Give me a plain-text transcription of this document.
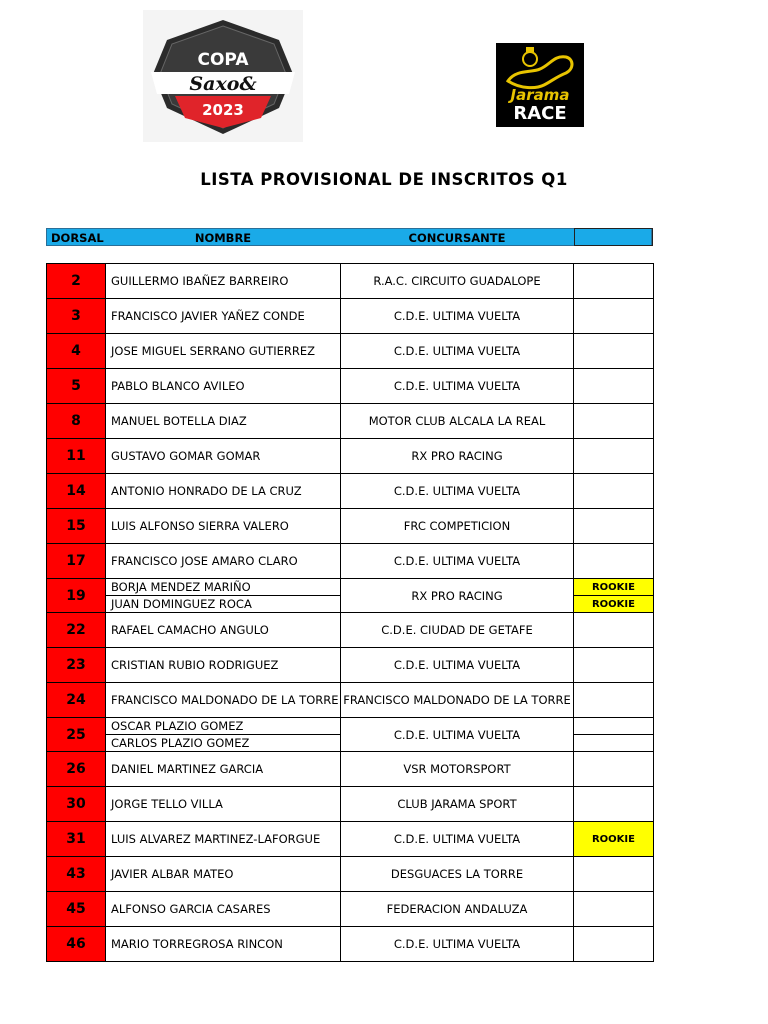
COPA
Saxo&
2023
Jarama
RACE
LISTA PROVISIONAL DE INSCRITOS Q1
DORSAL	NOMBRE	CONCURSANTE
2	GUILLERMO IBAÑEZ BARREIRO	R.A.C. CIRCUITO GUADALOPE	
3	FRANCISCO JAVIER YAÑEZ CONDE	C.D.E. ULTIMA VUELTA	
4	JOSE MIGUEL SERRANO GUTIERREZ	C.D.E. ULTIMA VUELTA	
5	PABLO BLANCO AVILEO	C.D.E. ULTIMA VUELTA	
8	MANUEL BOTELLA DIAZ	MOTOR CLUB ALCALA LA REAL	
11	GUSTAVO GOMAR GOMAR	RX PRO RACING	
14	ANTONIO HONRADO DE LA CRUZ	C.D.E. ULTIMA VUELTA	
15	LUIS ALFONSO SIERRA VALERO	FRC COMPETICION	
17	FRANCISCO JOSE AMARO CLARO	C.D.E. ULTIMA VUELTA	
19	BORJA MENDEZ MARIÑO	RX PRO RACING	ROOKIE
	JUAN DOMINGUEZ ROCA		ROOKIE
22	RAFAEL CAMACHO ANGULO	C.D.E. CIUDAD DE GETAFE	
23	CRISTIAN RUBIO RODRIGUEZ	C.D.E. ULTIMA VUELTA	
24	FRANCISCO MALDONADO DE LA TORRE	FRANCISCO MALDONADO DE LA TORRE	
25	OSCAR PLAZIO GOMEZ	C.D.E. ULTIMA VUELTA	
	CARLOS PLAZIO GOMEZ		
26	DANIEL MARTINEZ GARCIA	VSR MOTORSPORT	
30	JORGE TELLO VILLA	CLUB JARAMA SPORT	
31	LUIS ALVAREZ MARTINEZ-LAFORGUE	C.D.E. ULTIMA VUELTA	ROOKIE
43	JAVIER ALBAR MATEO	DESGUACES LA TORRE	
45	ALFONSO GARCIA CASARES	FEDERACION ANDALUZA	
46	MARIO TORREGROSA RINCON	C.D.E. ULTIMA VUELTA	
